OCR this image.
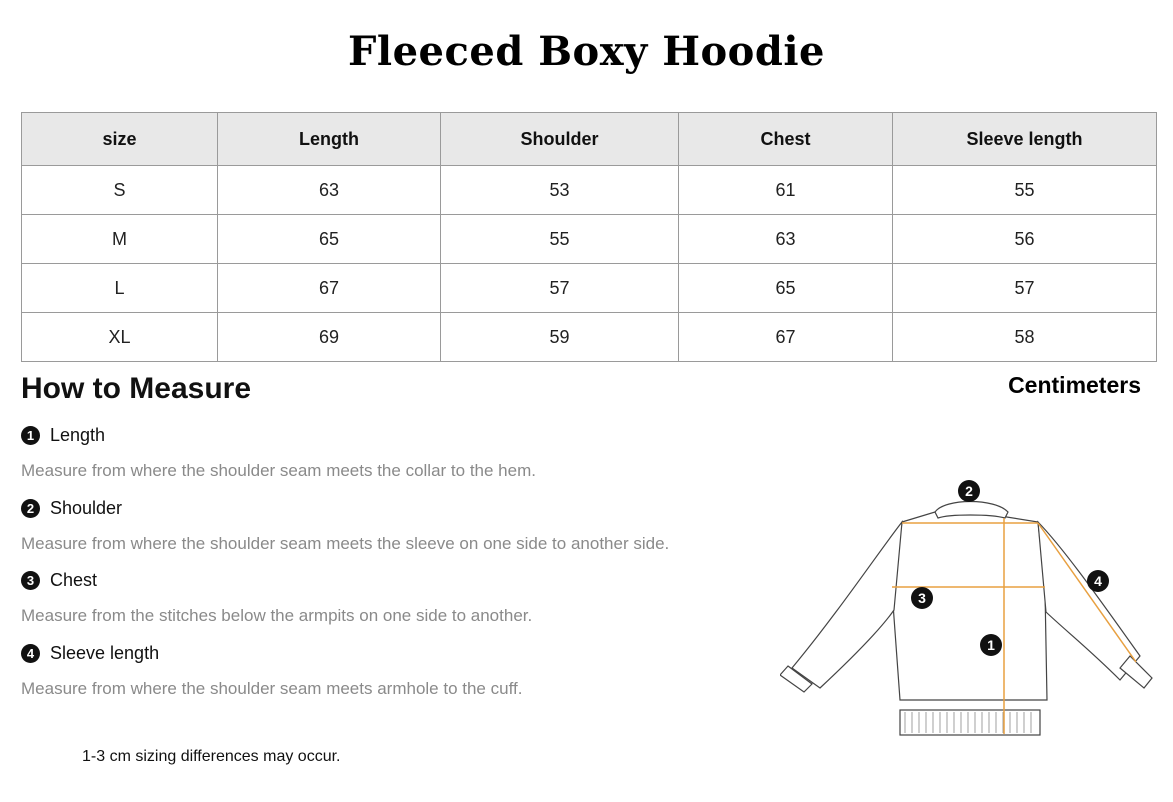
Fleeced Boxy Hoodie
size	Length	Shoulder	Chest	Sleeve length
S	63	53	61	55
M	65	55	63	56
L	67	57	65	57
XL	69	59	67	58
How to Measure	Centimeters
1 Length
Measure from where the shoulder seam meets the collar to the hem.
2 Shoulder
Measure from where the shoulder seam meets the sleeve on one side to another side.
3 Chest
Measure from the stitches below the armpits on one side to another.
4 Sleeve length
Measure from where the shoulder seam meets armhole to the cuff.
1-3 cm sizing differences may occur.
2
3
1
4
